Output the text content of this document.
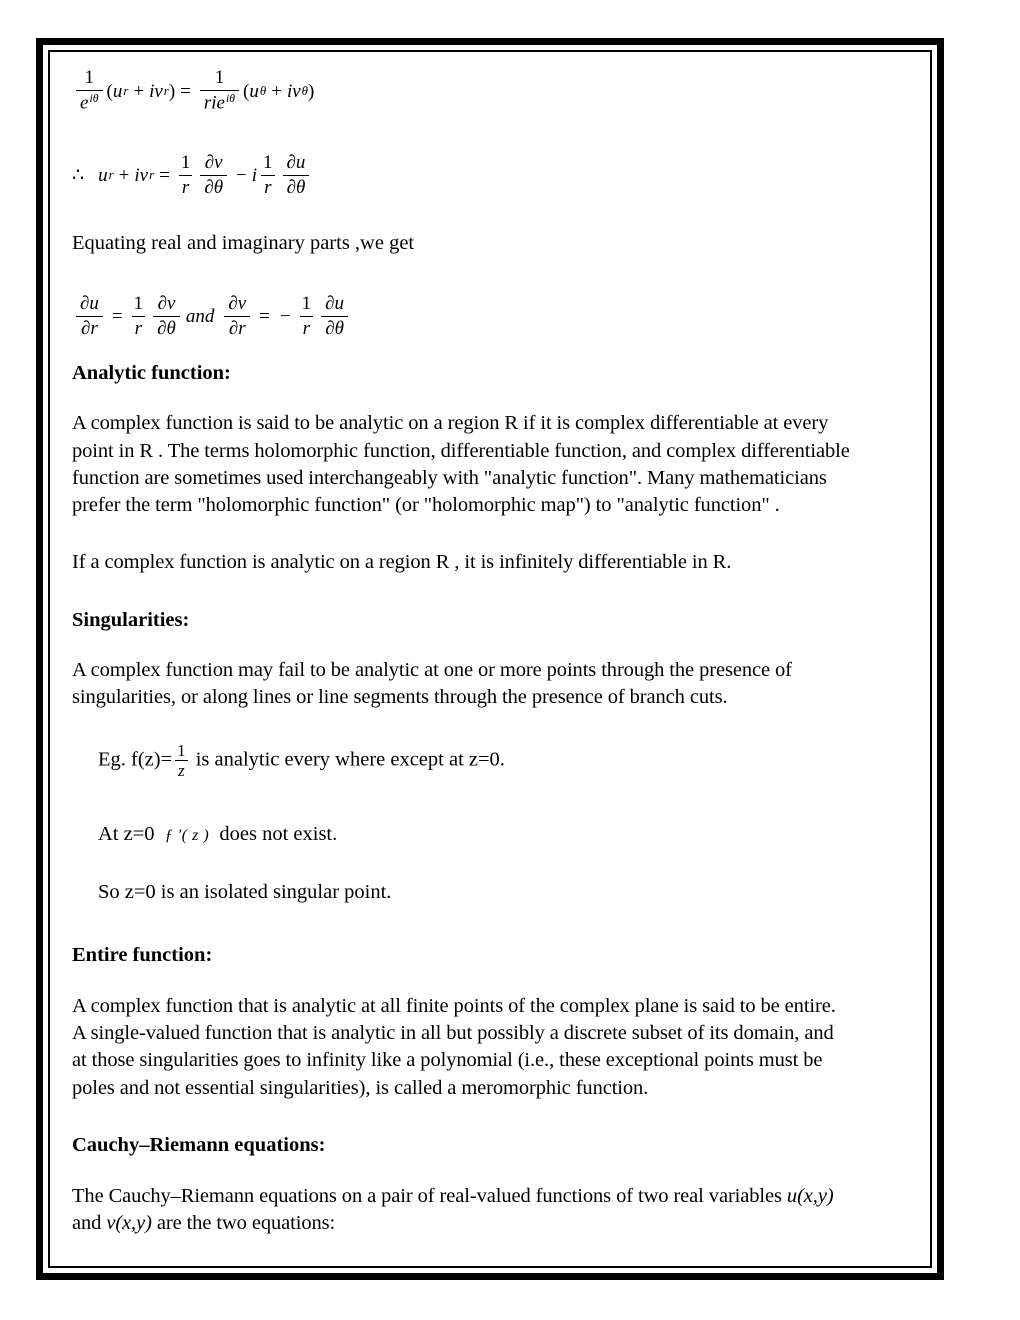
$\frac{1}{\text{eiθ}}$ ( u r + iv r ) = $\frac{1}{\text{rieiθ}}$ ( u θ + iv θ )
∴ u r + iv $r = \frac{1}{r} \frac{\partial v}{\partial\theta} - i \frac{1}{r} \frac{\partial u}{\partial\theta}$
Equating real and imaginary parts ,we get
$\frac{\partial u}{\partial r} = \frac{1}{r} \frac{\partial v}{\partial\theta}$ and $\frac{\partial v}{\partial r}$ = − $\frac{1}{r} \frac{\partial u}{\partial\theta}$
Analytic function:
A complex function is said to be analytic on a region R if it is complex differentiable at every point in R . The terms holomorphic function, differentiable function, and complex differentiable function are sometimes used interchangeably with "analytic function". Many mathematicians prefer the term "holomorphic function" (or "holomorphic map") to "analytic function" .
If a complex function is analytic on a region R , it is infinitely differentiable in R.
Singularities:
A complex function may fail to be analytic at one or more points through the presence of singularities, or along lines or line segments through the presence of branch cuts.
Eg. $f(z)= \frac{1}{z}$ is analytic every where except at z=0.
At z=0 ƒ ′( z ) does not exist.
So z=0 is an isolated singular point.
Entire function:
A complex function that is analytic at all finite points of the complex plane is said to be entire. A single-valued function that is analytic in all but possibly a discrete subset of its domain, and at those singularities goes to infinity like a polynomial (i.e., these exceptional points must be poles and not essential singularities), is called a meromorphic function.
Cauchy–Riemann equations:
The Cauchy–Riemann equations on a pair of real-valued functions of two real variables u(x,y) and v(x,y) are the two equations:
